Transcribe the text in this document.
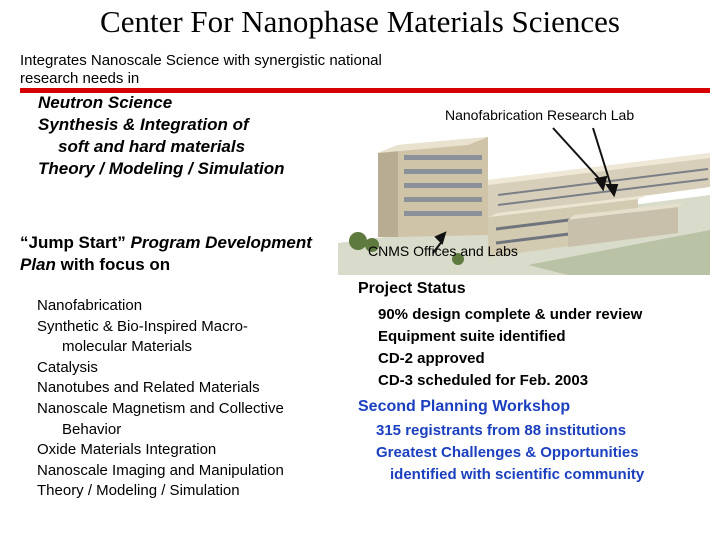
Center For Nanophase Materials Sciences
Integrates Nanoscale Science with synergistic national
research needs in
Neutron Science
Synthesis & Integration of
soft and hard materials
Theory / Modeling / Simulation
“Jump Start” Program Development Plan with focus on
Nanofabrication
Synthetic & Bio-Inspired Macro-
molecular Materials
Catalysis
Nanotubes and Related Materials
Nanoscale Magnetism and Collective
Behavior
Oxide Materials Integration
Nanoscale Imaging and Manipulation
Theory / Modeling / Simulation
Nanofabrication Research Lab
CNMS Offices and Labs
Project Status
90% design complete & under review
Equipment suite identified
CD-2 approved
CD-3 scheduled for Feb. 2003
Second Planning Workshop
315 registrants from 88 institutions
Greatest Challenges & Opportunities
identified with scientific community
